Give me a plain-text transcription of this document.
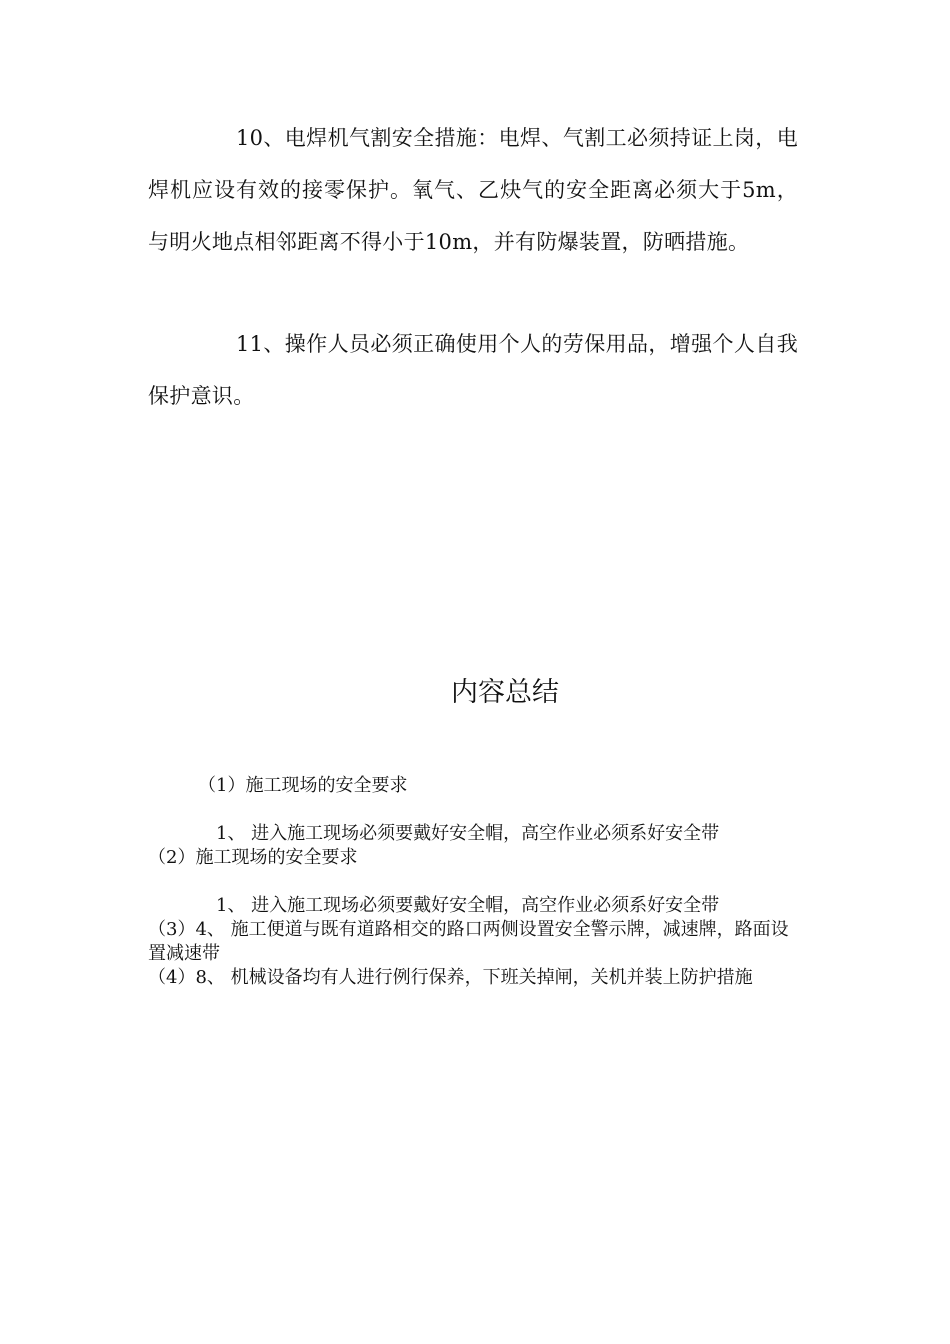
10、电焊机气割安全措施：电焊、气割工必须持证上岗，电焊机应设有效的接零保护。氧气、乙炔气的安全距离必须大于5m，与明火地点相邻距离不得小于10m，并有防爆装置，防晒措施。

11、操作人员必须正确使用个人的劳保用品，增强个人自我保护意识。

内容总结
（1）施工现场的安全要求
1、 进入施工现场必须要戴好安全帽，高空作业必须系好安全带
（2）施工现场的安全要求
1、 进入施工现场必须要戴好安全帽，高空作业必须系好安全带
（3）4、 施工便道与既有道路相交的路口两侧设置安全警示牌，减速牌，路面设置减速带
（4）8、 机械设备均有人进行例行保养，下班关掉闸，关机并装上防护措施
